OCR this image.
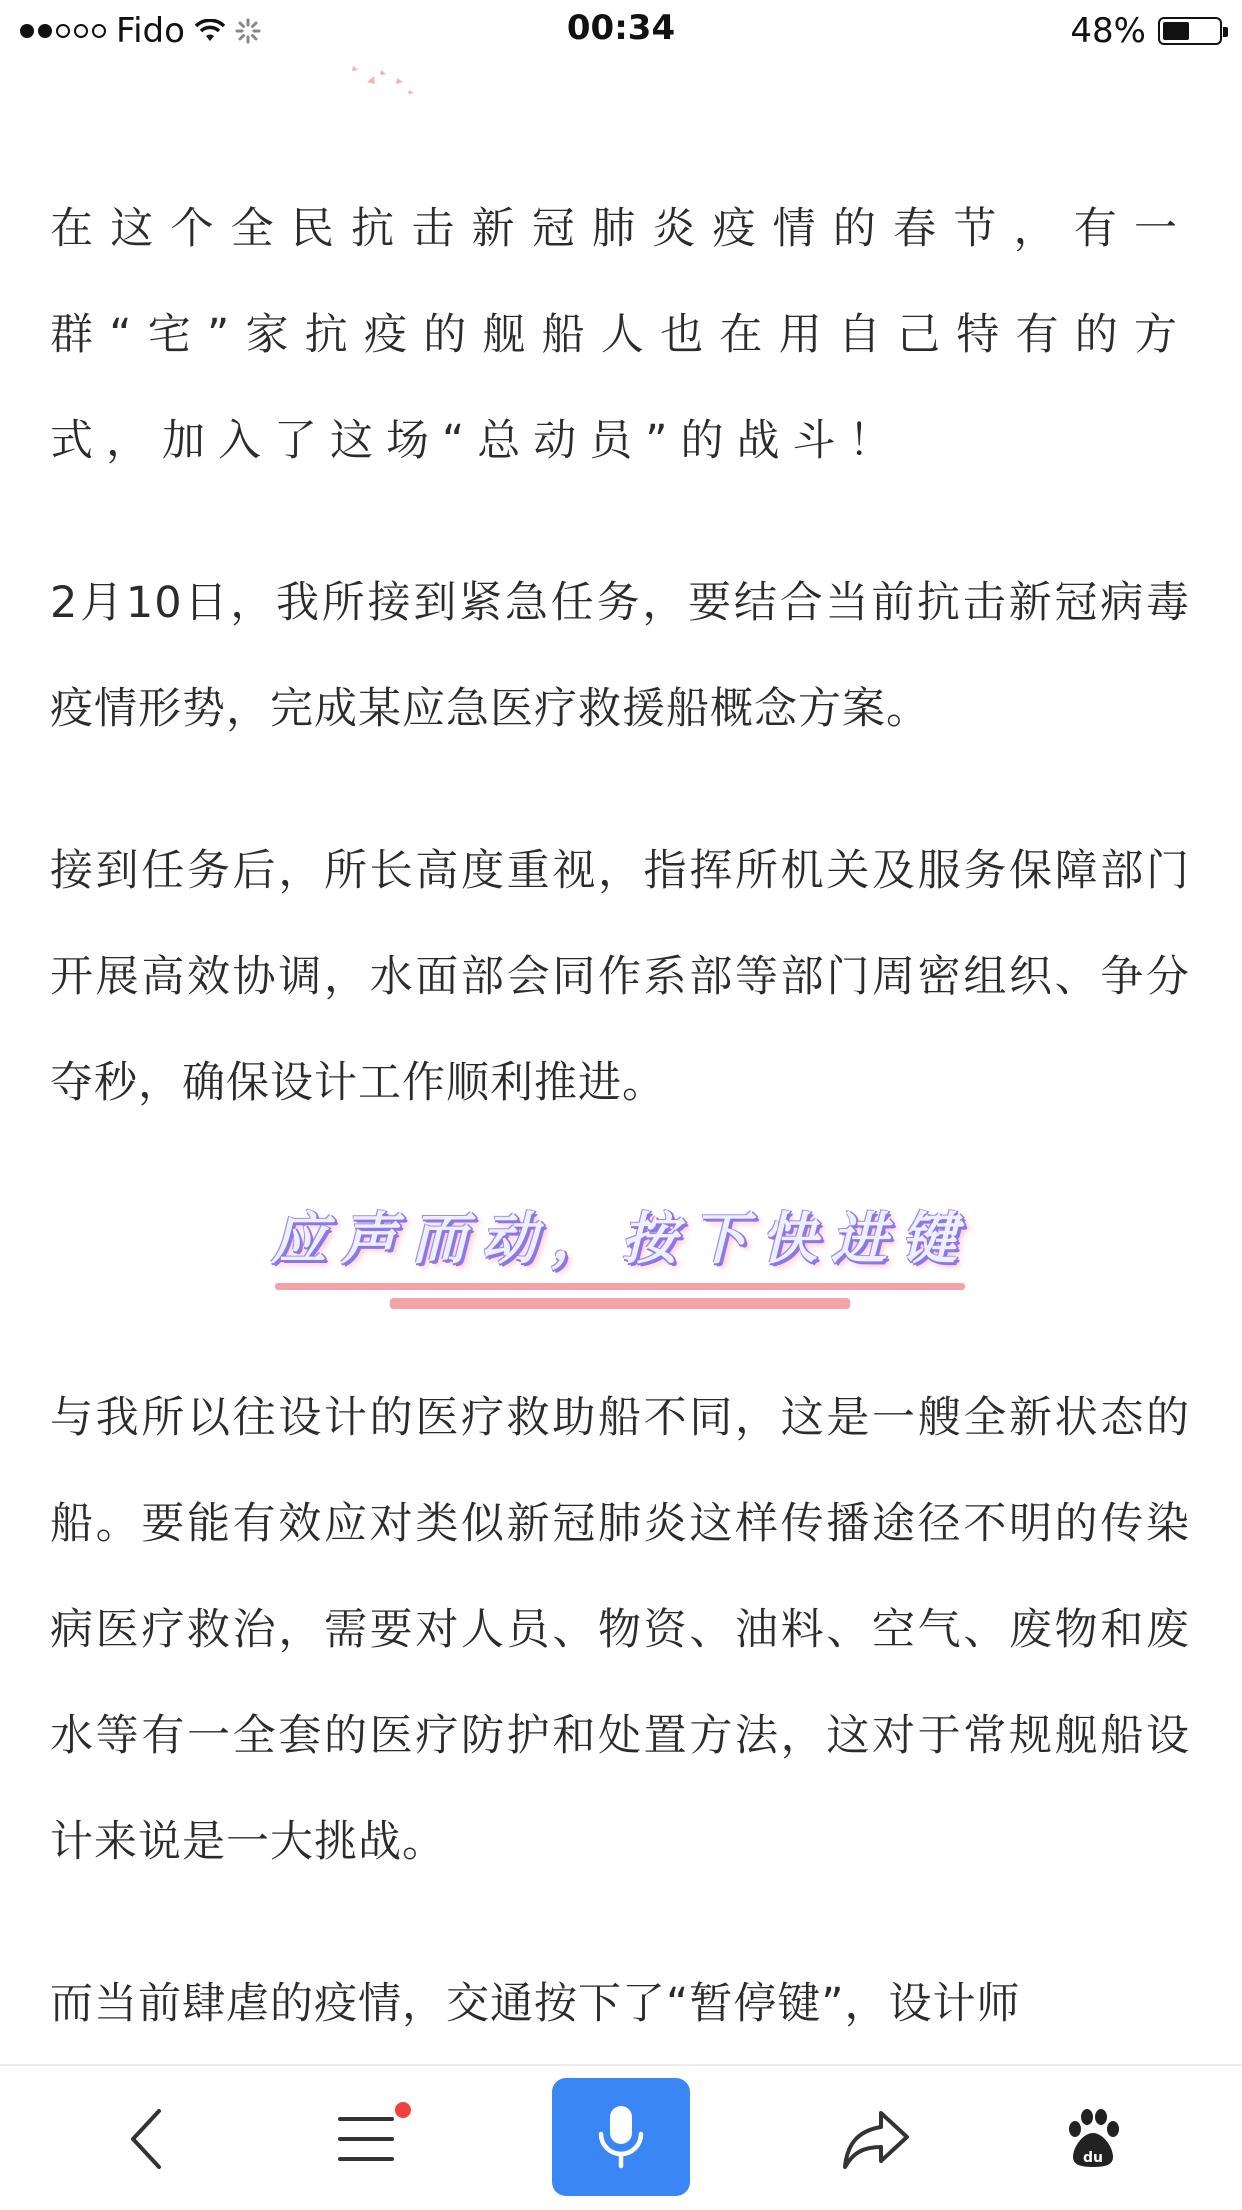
Fido	00:34	48%

在这个全民抗击新冠肺炎疫情的春节，有一群“宅”家抗疫的舰船人也在用自己特有的方式，加入了这场“总动员”的战斗！

2月10日，我所接到紧急任务，要结合当前抗击新冠病毒疫情形势，完成某应急医疗救援船概念方案。

接到任务后，所长高度重视，指挥所机关及服务保障部门开展高效协调，水面部会同作系部等部门周密组织、争分夺秒，确保设计工作顺利推进。

应声而动，按下快进键

与我所以往设计的医疗救助船不同，这是一艘全新状态的船。要能有效应对类似新冠肺炎这样传播途径不明的传染病医疗救治，需要对人员、物资、油料、空气、废物和废水等有一全套的医疗防护和处置方法，这对于常规舰船设计来说是一大挑战。

而当前肆虐的疫情，交通按下了“暂停键”，设计师

du
